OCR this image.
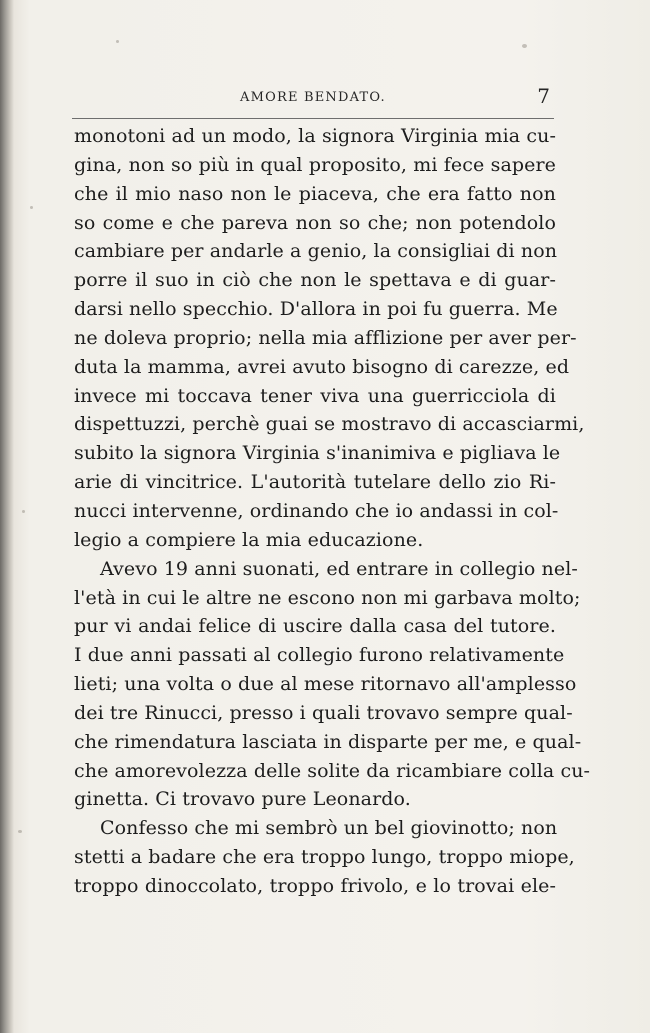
AMORE BENDATO.	7
monotoni ad un modo, la signora Virginia mia cu-
gina, non so più in qual proposito, mi fece sapere
che il mio naso non le piaceva, che era fatto non
so come e che pareva non so che; non potendolo
cambiare per andarle a genio, la consigliai di non
porre il suo in ciò che non le spettava e di guar-
darsi nello specchio. D'allora in poi fu guerra. Me
ne doleva proprio; nella mia afflizione per aver per-
duta la mamma, avrei avuto bisogno di carezze, ed
invece mi toccava tener viva una guerricciola di
dispettuzzi, perchè guai se mostravo di accasciarmi,
subito la signora Virginia s'inanimiva e pigliava le
arie di vincitrice. L'autorità tutelare dello zio Ri-
nucci intervenne, ordinando che io andassi in col-
legio a compiere la mia educazione.
Avevo 19 anni suonati, ed entrare in collegio nel-
l'età in cui le altre ne escono non mi garbava molto;
pur vi andai felice di uscire dalla casa del tutore.
I due anni passati al collegio furono relativamente
lieti; una volta o due al mese ritornavo all'amplesso
dei tre Rinucci, presso i quali trovavo sempre qual-
che rimendatura lasciata in disparte per me, e qual-
che amorevolezza delle solite da ricambiare colla cu-
ginetta. Ci trovavo pure Leonardo.
Confesso che mi sembrò un bel giovinotto; non
stetti a badare che era troppo lungo, troppo miope,
troppo dinoccolato, troppo frivolo, e lo trovai ele-
